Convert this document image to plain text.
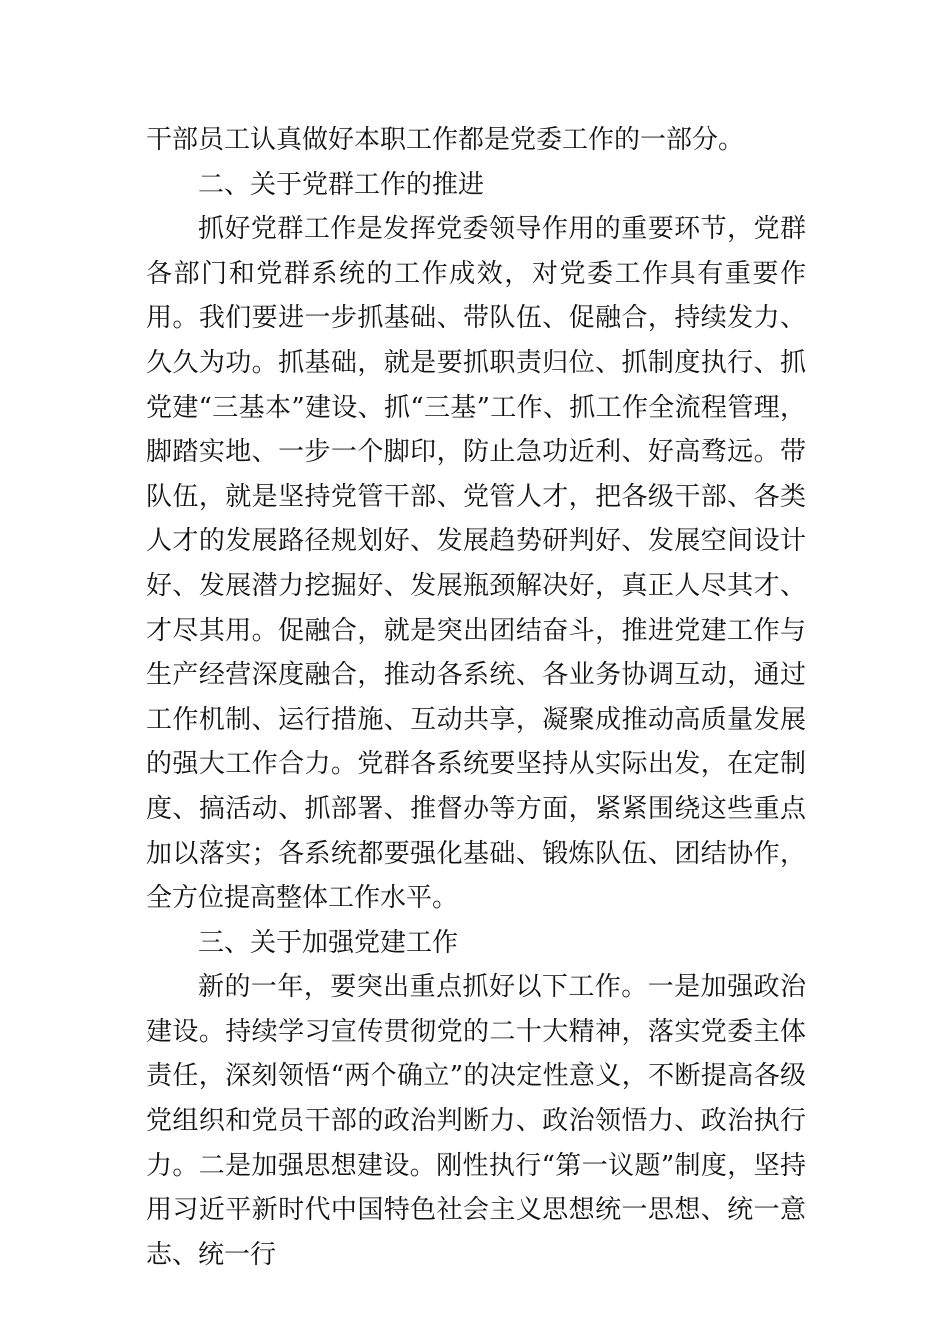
干部员工认真做好本职工作都是党委工作的一部分。

二、关于党群工作的推进

抓好党群工作是发挥党委领导作用的重要环节，党群各部门和党群系统的工作成效，对党委工作具有重要作用。我们要进一步抓基础、带队伍、促融合，持续发力、久久为功。抓基础，就是要抓职责归位、抓制度执行、抓党建“三基本”建设、抓“三基”工作、抓工作全流程管理，脚踏实地、一步一个脚印，防止急功近利、好高骛远。带队伍，就是坚持党管干部、党管人才，把各级干部、各类人才的发展路径规划好、发展趋势研判好、发展空间设计好、发展潜力挖掘好、发展瓶颈解决好，真正人尽其才、才尽其用。促融合，就是突出团结奋斗，推进党建工作与生产经营深度融合，推动各系统、各业务协调互动，通过工作机制、运行措施、互动共享，凝聚成推动高质量发展的强大工作合力。党群各系统要坚持从实际出发，在定制度、搞活动、抓部署、推督办等方面，紧紧围绕这些重点加以落实；各系统都要强化基础、锻炼队伍、团结协作，全方位提高整体工作水平。

三、关于加强党建工作

新的一年，要突出重点抓好以下工作。一是加强政治建设。持续学习宣传贯彻党的二十大精神，落实党委主体责任，深刻领悟“两个确立”的决定性意义，不断提高各级党组织和党员干部的政治判断力、政治领悟力、政治执行力。二是加强思想建设。刚性执行“第一议题”制度，坚持用习近平新时代中国特色社会主义思想统一思想、统一意志、统一行
